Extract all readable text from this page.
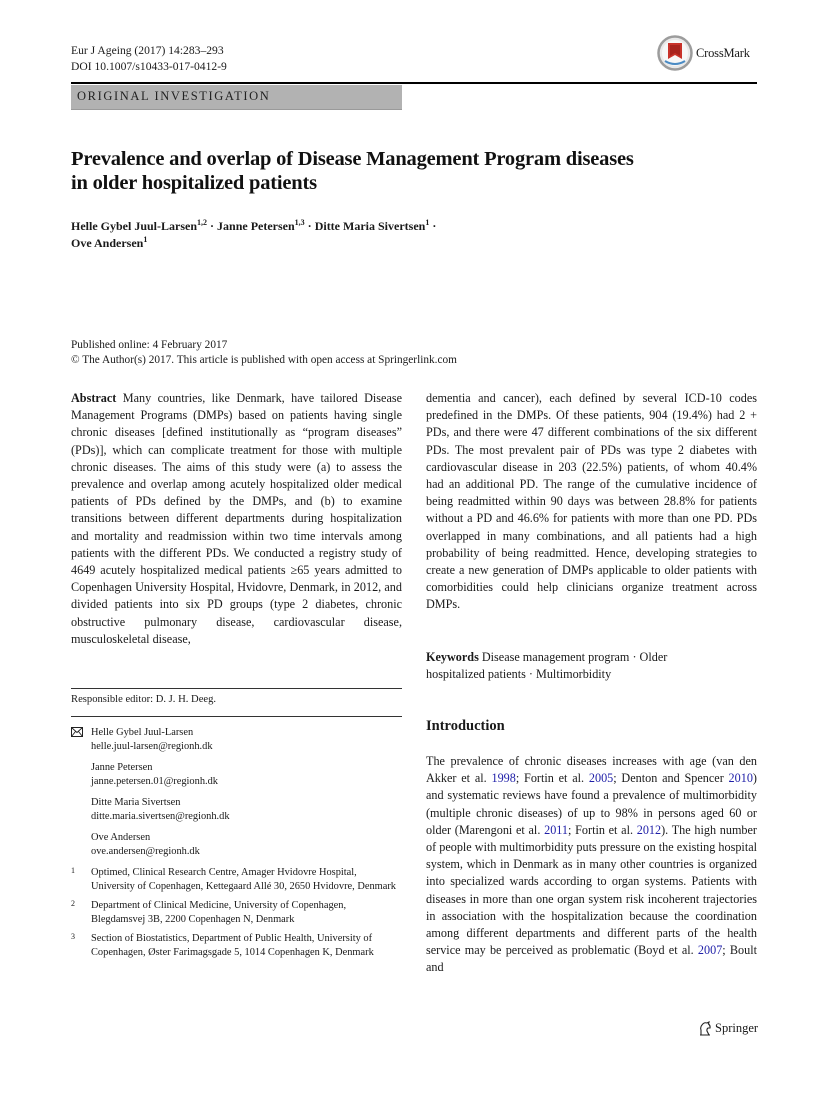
Eur J Ageing (2017) 14:283–293
DOI 10.1007/s10433-017-0412-9
CrossMark
ORIGINAL INVESTIGATION
Prevalence and overlap of Disease Management Program diseases
in older hospitalized patients
Helle Gybel Juul-Larsen$^{1,2}$ · Janne Petersen$^{1,3}$ · Ditte Maria Sivertsen$^1$ ·
Ove Andersen$^1$
Published online: 4 February 2017
© The Author(s) 2017. This article is published with open access at Springerlink.com

Abstract Many countries, like Denmark, have tailored Disease Management Programs (DMPs) based on patients having single chronic diseases [defined institutionally as “program diseases” (PDs)], which can complicate treatment for those with multiple chronic diseases. The aims of this study were (a) to assess the prevalence and overlap among acutely hospitalized older medical patients of PDs defined by the DMPs, and (b) to examine transitions between different departments during hospitalization and mortality and readmission within two time intervals among patients with the different PDs. We conducted a registry study of 4649 acutely hospitalized medical patients ≥65 years admitted to Copenhagen University Hospital, Hvidovre, Denmark, in 2012, and divided patients into six PD groups (type 2 diabetes, chronic obstructive pulmonary disease, cardiovascular disease, musculoskeletal disease,

dementia and cancer), each defined by several ICD-10 codes predefined in the DMPs. Of these patients, 904 (19.4%) had 2 + PDs, and there were 47 different combinations of the six different PDs. The most prevalent pair of PDs was type 2 diabetes with cardiovascular disease in 203 (22.5%) patients, of whom 40.4% had an additional PD. The range of the cumulative incidence of being readmitted within 90 days was between 28.8% for patients without a PD and 46.6% for patients with more than one PD. PDs overlapped in many combinations, and all patients had a high probability of being readmitted. Hence, developing strategies to create a new generation of DMPs applicable to older patients with comorbidities could help clinicians organize treatment across DMPs.

Keywords Disease management program · Older
hospitalized patients · Multimorbidity
Responsible editor: D. J. H. Deeg.
Helle Gybel Juul-Larsen
helle.juul-larsen@regionh.dk
Janne Petersen
janne.petersen.01@regionh.dk
Ditte Maria Sivertsen
ditte.maria.sivertsen@regionh.dk
Ove Andersen
ove.andersen@regionh.dk
1 Optimed, Clinical Research Centre, Amager Hvidovre Hospital, University of Copenhagen, Kettegaard Allé 30, 2650 Hvidovre, Denmark
2 Department of Clinical Medicine, University of Copenhagen, Blegdamsvej 3B, 2200 Copenhagen N, Denmark
3 Section of Biostatistics, Department of Public Health, University of Copenhagen, Øster Farimagsgade 5, 1014 Copenhagen K, Denmark
Introduction

The prevalence of chronic diseases increases with age (van den Akker et al. 1998; Fortin et al. 2005; Denton and Spencer 2010) and systematic reviews have found a prevalence of multimorbidity (multiple chronic diseases) of up to 98% in persons aged 60 or older (Marengoni et al. 2011; Fortin et al. 2012). The high number of people with multimorbidity puts pressure on the existing hospital system, which in Denmark as in many other countries is organized into specialized wards according to organ systems. Patients with diseases in more than one organ system risk incoherent trajectories in association with the hospitalization because the coordination among different departments and different parts of the health service may be perceived as problematic (Boyd et al. 2007; Boult and

Springer
